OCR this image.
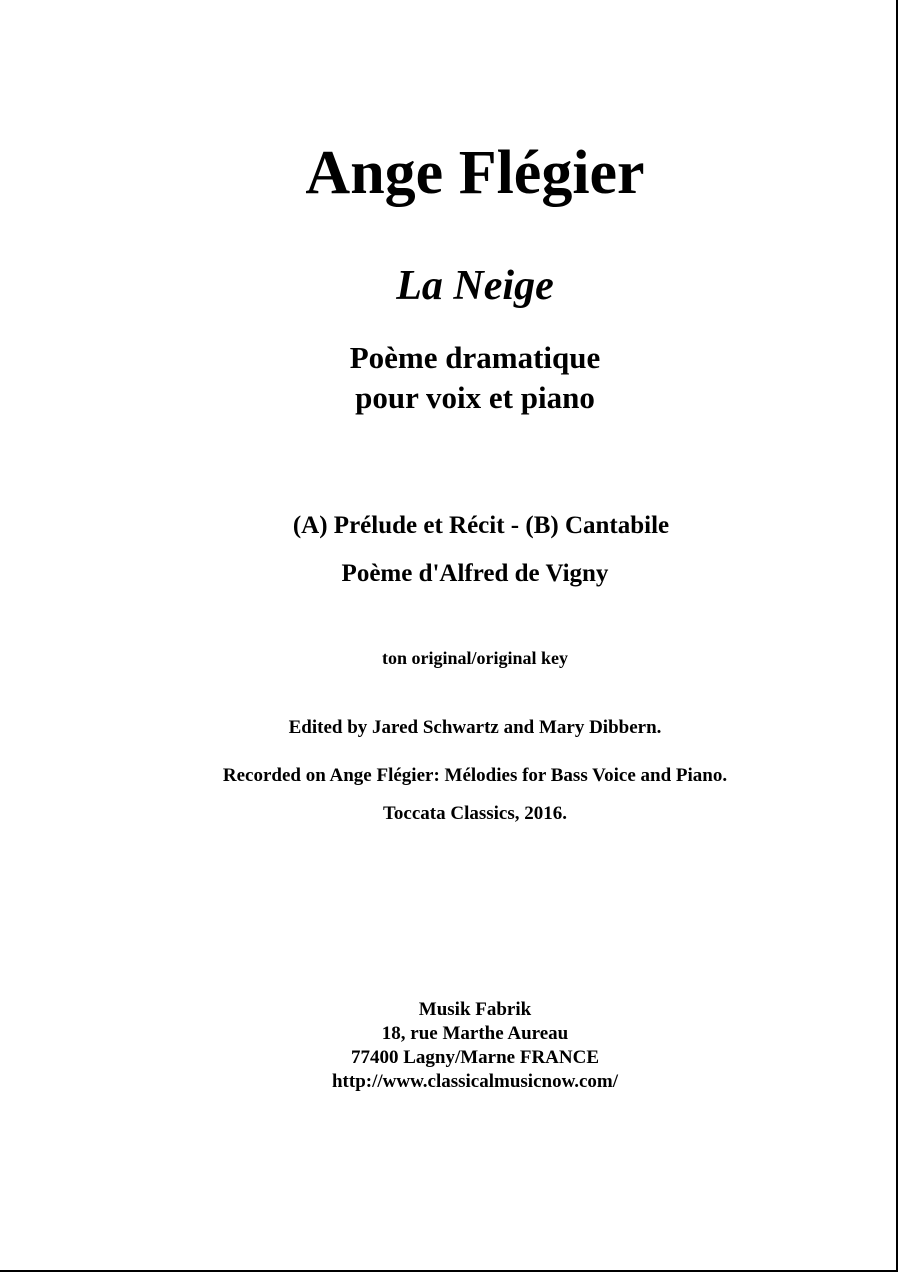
Ange Flégier
La Neige
Poème dramatique
pour voix et piano
(A) Prélude et Récit - (B) Cantabile
Poème d'Alfred de Vigny
ton original/original key
Edited by Jared Schwartz and Mary Dibbern.
Recorded on Ange Flégier: Mélodies for Bass Voice and Piano.
Toccata Classics, 2016.
Musik Fabrik
18, rue Marthe Aureau
77400 Lagny/Marne FRANCE
http://www.classicalmusicnow.com/
